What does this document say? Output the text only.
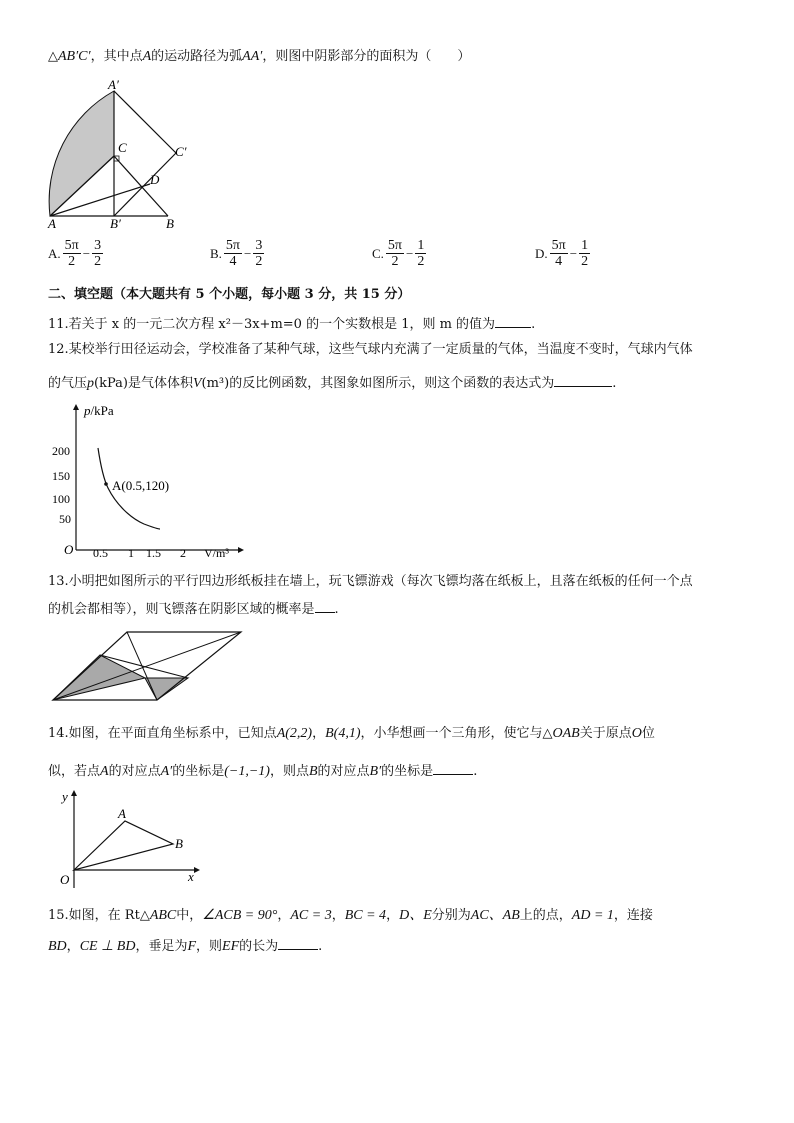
△AB′C′，其中点A的运动路径为弧AA′，则图中阴影部分的面积为（　　）
A′
C	C′
D
A	B′	B
A. $\frac{5\pi}{2} - \frac{3}{2}$	B. $\frac{5\pi}{4} - \frac{3}{2}$	C. $\frac{5\pi}{2} - \frac{1}{2}$	D. $\frac{5\pi}{4} - \frac{1}{2}$
二、填空题（本大题共有 5 个小题，每小题 3 分，共 15 分）
11.若关于 x 的一元二次方程 x²－3x+m=0 的一个实数根是 1，则 m 的值为	.
12.某校举行田径运动会，学校准备了某种气球，这些气球内充满了一定质量的气体，当温度不变时，气球内气体
的气压p(kPa)是气体体积V(m³)的反比例函数，其图象如图所示，则这个函数的表达式为	.
p/kPa
200
150
100
50
O 0.5 1 1.5 2 V/m³
A(0.5,120)
13.小明把如图所示的平行四边形纸板挂在墙上，玩飞镖游戏（每次飞镖均落在纸板上，且落在纸板的任何一个点
的机会都相等），则飞镖落在阴影区域的概率是 .
14.如图，在平面直角坐标系中，已知点A(2,2)，B(4,1)，小华想画一个三角形，使它与△OAB关于原点O位
似，若点A的对应点A′的坐标是(−1,−1)，则点B的对应点B′的坐标是	.
y
x
O
A
B
15.如图，在 Rt△ABC中，∠ACB = 90°，AC = 3，BC = 4，D、E分别为AC、AB上的点，AD = 1，连接
BD，CE ⊥ BD，垂足为F，则EF的长为	.
